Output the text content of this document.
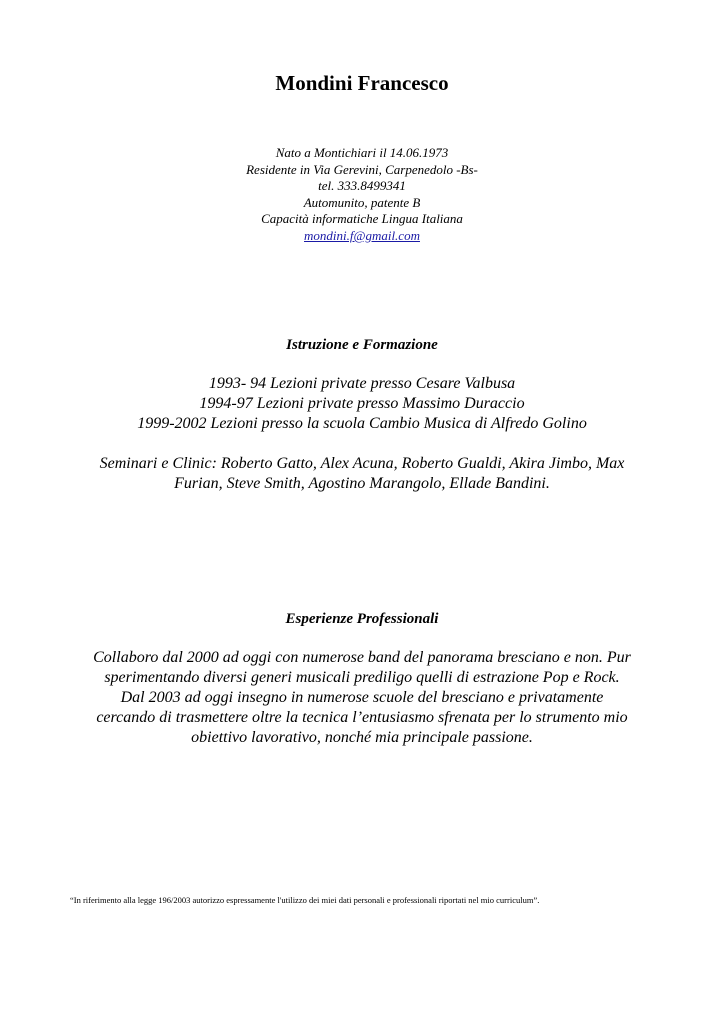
Mondini Francesco
Nato a Montichiari il 14.06.1973
Residente in Via Gerevini, Carpenedolo -Bs-
tel. 333.8499341
Automunito, patente B
Capacità informatiche Lingua Italiana
mondini.f@gmail.com
Istruzione e Formazione
1993- 94 Lezioni private presso Cesare Valbusa
1994-97 Lezioni private presso Massimo Duraccio
1999-2002 Lezioni presso la scuola Cambio Musica di Alfredo Golino
Seminari e Clinic: Roberto Gatto, Alex Acuna, Roberto Gualdi, Akira Jimbo, Max
Furian, Steve Smith, Agostino Marangolo, Ellade Bandini.
Esperienze Professionali
Collaboro dal 2000 ad oggi con numerose band del panorama bresciano e non. Pur
sperimentando diversi generi musicali prediligo quelli di estrazione Pop e Rock.
Dal 2003 ad oggi insegno in numerose scuole del bresciano e privatamente
cercando di trasmettere oltre la tecnica l’entusiasmo sfrenata per lo strumento mio
obiettivo lavorativo, nonché mia principale passione.
“In riferimento alla legge 196/2003 autorizzo espressamente l'utilizzo dei miei dati personali e professionali riportati nel mio curriculum”.
